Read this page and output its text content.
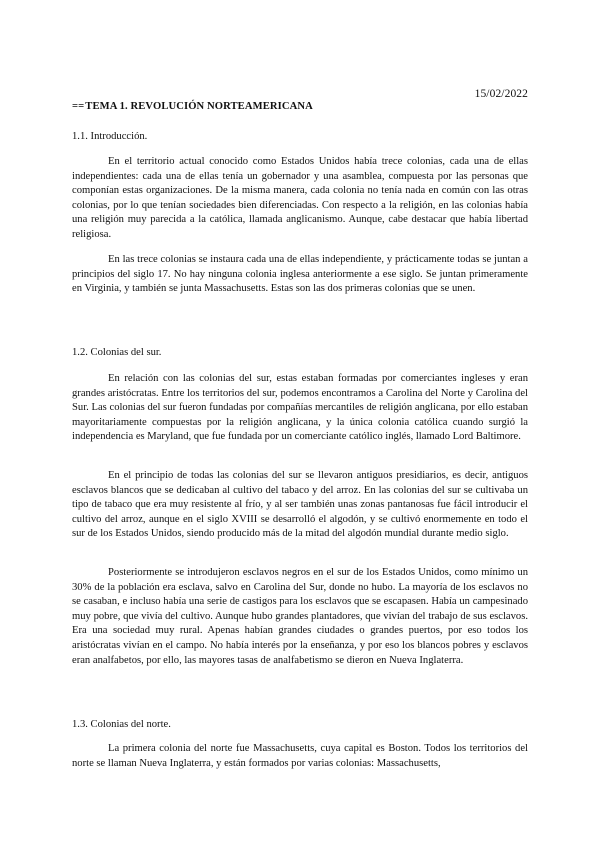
15/02/2022
==TEMA 1. REVOLUCIÓN NORTEAMERICANA
1.1. Introducción.

En el territorio actual conocido como Estados Unidos había trece colonias, cada una de ellas independientes: cada una de ellas tenía un gobernador y una asamblea, compuesta por las personas que componían estas organizaciones. De la misma manera, cada colonia no tenía nada en común con las otras colonias, por lo que tenían sociedades bien diferenciadas. Con respecto a la religión, en las colonias había una religión muy parecida a la católica, llamada anglicanismo. Aunque, cabe destacar que había libertad religiosa.

En las trece colonias se instaura cada una de ellas independiente, y prácticamente todas se juntan a principios del siglo 17. No hay ninguna colonia inglesa anteriormente a ese siglo. Se juntan primeramente en Virginia, y también se junta Massachusetts. Estas son las dos primeras colonias que se unen.

1.2. Colonias del sur.

En relación con las colonias del sur, estas estaban formadas por comerciantes ingleses y eran grandes aristócratas. Entre los territorios del sur, podemos encontramos a Carolina del Norte y Carolina del Sur. Las colonias del sur fueron fundadas por compañías mercantiles de religión anglicana, por ello estaban mayoritariamente compuestas por la religión anglicana, y la única colonia católica cuando surgió la independencia es Maryland, que fue fundada por un comerciante católico inglés, llamado Lord Baltimore.

En el principio de todas las colonias del sur se llevaron antiguos presidiarios, es decir, antiguos esclavos blancos que se dedicaban al cultivo del tabaco y del arroz. En las colonias del sur se cultivaba un tipo de tabaco que era muy resistente al frío, y al ser también unas zonas pantanosas fue fácil introducir el cultivo del arroz, aunque en el siglo XVIII se desarrolló el algodón, y se cultivó enormemente en todo el sur de los Estados Unidos, siendo producido más de la mitad del algodón mundial durante medio siglo.

Posteriormente se introdujeron esclavos negros en el sur de los Estados Unidos, como mínimo un 30% de la población era esclava, salvo en Carolina del Sur, donde no hubo. La mayoría de los esclavos no se casaban, e incluso había una serie de castigos para los esclavos que se escapasen. Había un campesinado muy pobre, que vivía del cultivo. Aunque hubo grandes plantadores, que vivían del trabajo de sus esclavos. Era una sociedad muy rural. Apenas habían grandes ciudades o grandes puertos, por eso todos los aristócratas vivían en el campo. No había interés por la enseñanza, y por eso los blancos pobres y esclavos eran analfabetos, por ello, las mayores tasas de analfabetismo se dieron en Nueva Inglaterra.

1.3. Colonias del norte.

La primera colonia del norte fue Massachusetts, cuya capital es Boston. Todos los territorios del norte se llaman Nueva Inglaterra, y están formados por varias colonias: Massachusetts,
